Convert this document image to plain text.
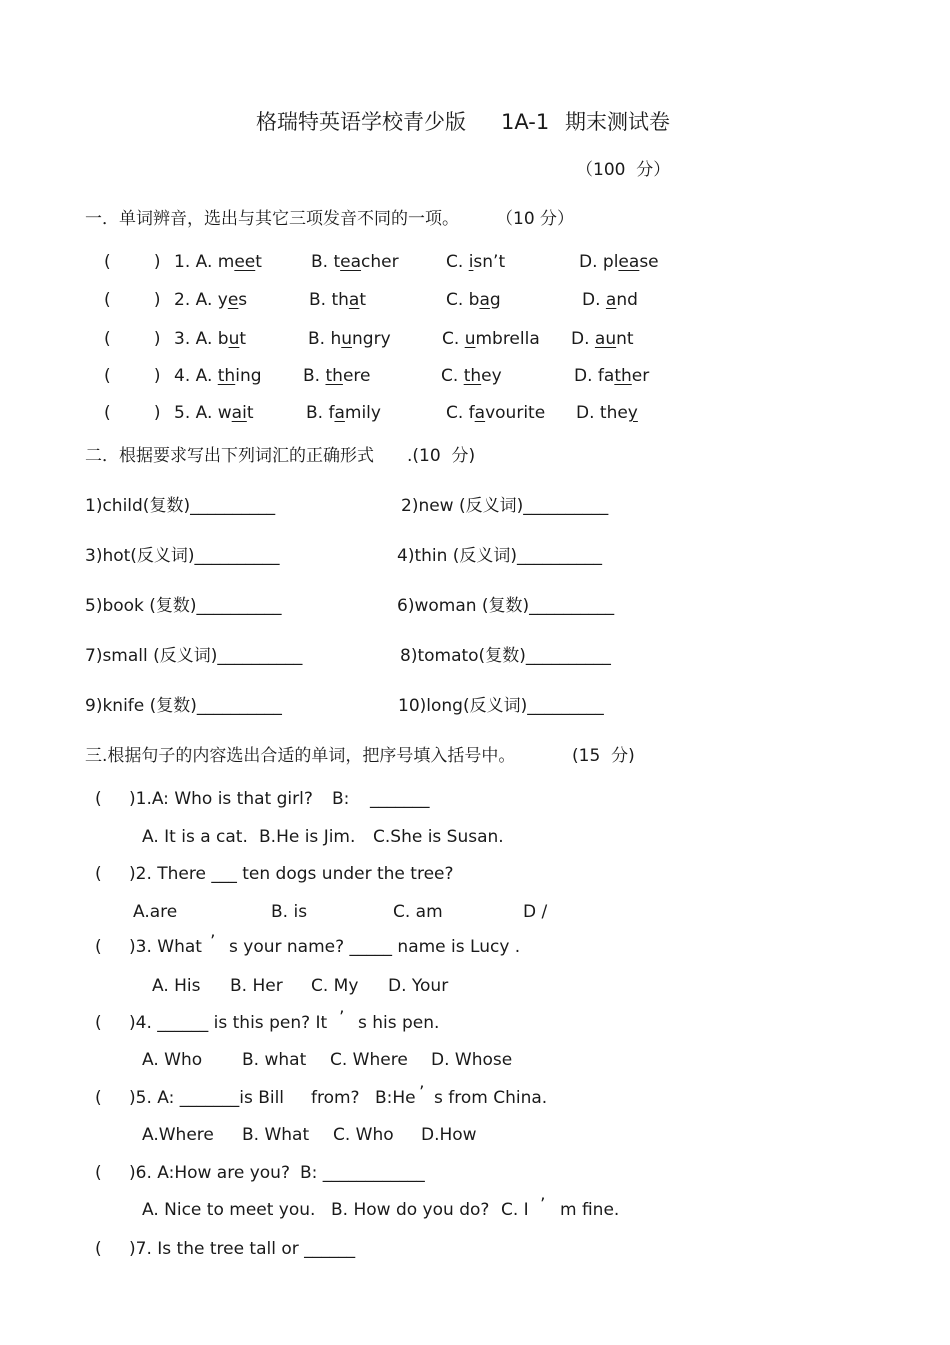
格瑞特英语学校青少版 1A-1 期末测试卷
（100  分）
一．单词辨音，选出与其它三项发音不同的一项。 （10 分）
(        ) 1. A. meet	B. teacher	C. isn’t	D. please
(        ) 2. A. yes	B. that	C. bag	D. and
(        ) 3. A. but	B. hungry	C. umbrella D. aunt
(        ) 4. A. thing B. there	C. they	D. father
(        ) 5. A. wait	B. family	C. favourite D. they
二．根据要求写出下列词汇的正确形式 .(10  分)
1)child(复数)__________	2)new (反义词)__________
3)hot(反义词)__________	4)thin (反义词)__________
5)book (复数)__________	6)woman (复数)__________
7)small (反义词)__________	8)tomato(复数)__________
9)knife (复数)__________	10)long(反义词)_________
三.根据句子的内容选出合适的单词，把序号填入括号中。	(15  分)
( )1.A: Who is that girl? B: _______
A. It is a cat. B.He is Jim. C.She is Susan.
( )2. There ___ ten dogs under the tree?
A.are	B. is	C. am	D /
( )3. What ’ s your name? _____ name is Lucy .
A. His B. Her C. My D. Your
( )4. ______ is this pen? It ’ s his pen.
A. Who B. what C. Where D. Whose
( )5. A: _______is Bill from? B:He ’ s from China.
A.Where B. What C. Who D.How
( )6. A:How are you? B: ____________
A. Nice to meet you. B. How do you do? C. I ’ m fine.
( )7. Is the tree tall or ______
